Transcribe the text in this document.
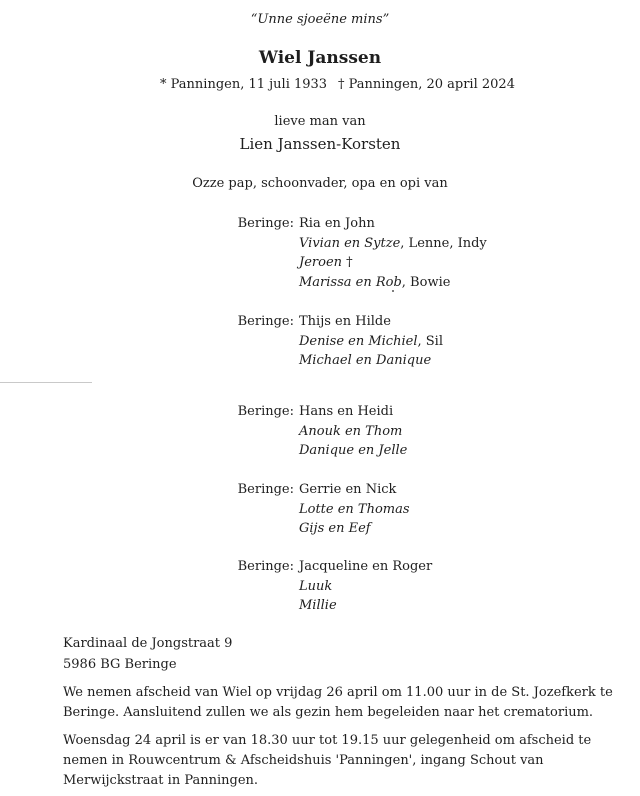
“Unne sjoeëne mins”
Wiel Janssen
* Panningen, 11 juli 1933 † Panningen, 20 april 2024
lieve man van
Lien Janssen-Korsten
Ozze pap, schoonvader, opa en opi van
Beringe: Ria en John
Vivian en Sytze, Lenne, Indy
Jeroen †
Marissa en Rob, Bowie
Beringe: Thijs en Hilde
Denise en Michiel, Sil
Michael en Danique
Beringe: Hans en Heidi
Anouk en Thom
Danique en Jelle
Beringe: Gerrie en Nick
Lotte en Thomas
Gijs en Eef
Beringe: Jacqueline en Roger
Luuk
Millie
Kardinaal de Jongstraat 9
5986 BG Beringe
We nemen afscheid van Wiel op vrijdag 26 april om 11.00 uur in de St. Jozefkerk te Beringe. Aansluitend zullen we als gezin hem begeleiden naar het crematorium.
Woensdag 24 april is er van 18.30 uur tot 19.15 uur gelegenheid om afscheid te nemen in Rouwcentrum & Afscheidshuis 'Panningen', ingang Schout van Merwijckstraat in Panningen.
